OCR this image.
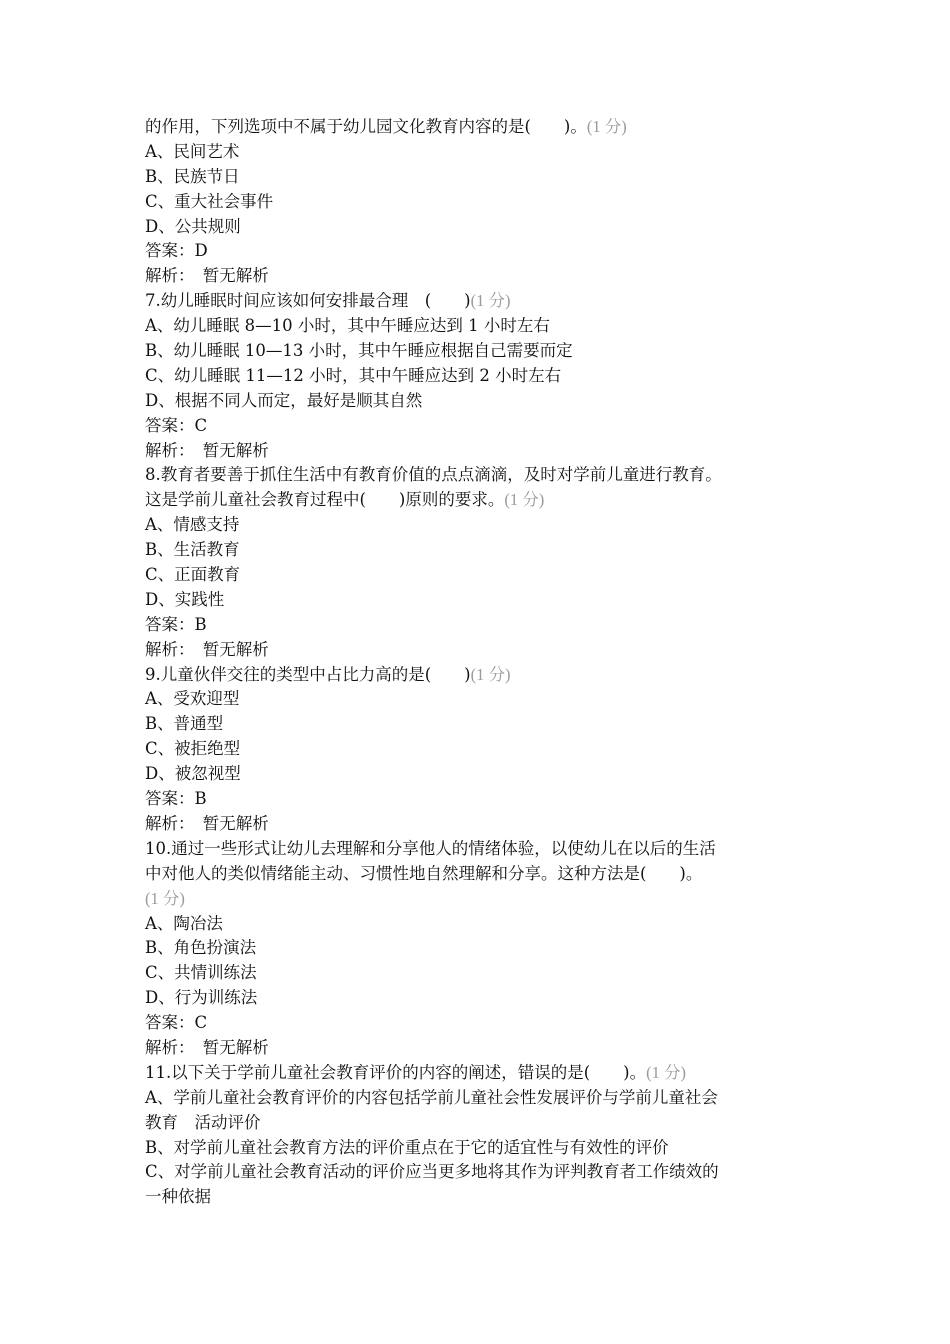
的作用，下列选项中不属于幼儿园文化教育内容的是(　　)。(1 分)
A、民间艺术
B、民族节日
C、重大社会事件
D、公共规则
答案：D
解析：　暂无解析
7.幼儿睡眠时间应该如何安排最合理　(　　)(1 分)
A、幼儿睡眠 8—10 小时，其中午睡应达到 1 小时左右
B、幼儿睡眠 10—13 小时，其中午睡应根据自己需要而定
C、幼儿睡眠 11—12 小时，其中午睡应达到 2 小时左右
D、根据不同人而定，最好是顺其自然
答案：C
解析：　暂无解析
8.教育者要善于抓住生活中有教育价值的点点滴滴，及时对学前儿童进行教育。
这是学前儿童社会教育过程中(　　)原则的要求。(1 分)
A、情感支持
B、生活教育
C、正面教育
D、实践性
答案：B
解析：　暂无解析
9.儿童伙伴交往的类型中占比力高的是(　　)(1 分)
A、受欢迎型
B、普通型
C、被拒绝型
D、被忽视型
答案：B
解析：　暂无解析
10.通过一些形式让幼儿去理解和分享他人的情绪体验，以使幼儿在以后的生活
中对他人的类似情绪能主动、习惯性地自然理解和分享。这种方法是(　　)。
(1 分)
A、陶冶法
B、角色扮演法
C、共情训练法
D、行为训练法
答案：C
解析：　暂无解析
11.以下关于学前儿童社会教育评价的内容的阐述，错误的是(　　)。(1 分)
A、学前儿童社会教育评价的内容包括学前儿童社会性发展评价与学前儿童社会
教育　活动评价
B、对学前儿童社会教育方法的评价重点在于它的适宜性与有效性的评价
C、对学前儿童社会教育活动的评价应当更多地将其作为评判教育者工作绩效的
一种依据
